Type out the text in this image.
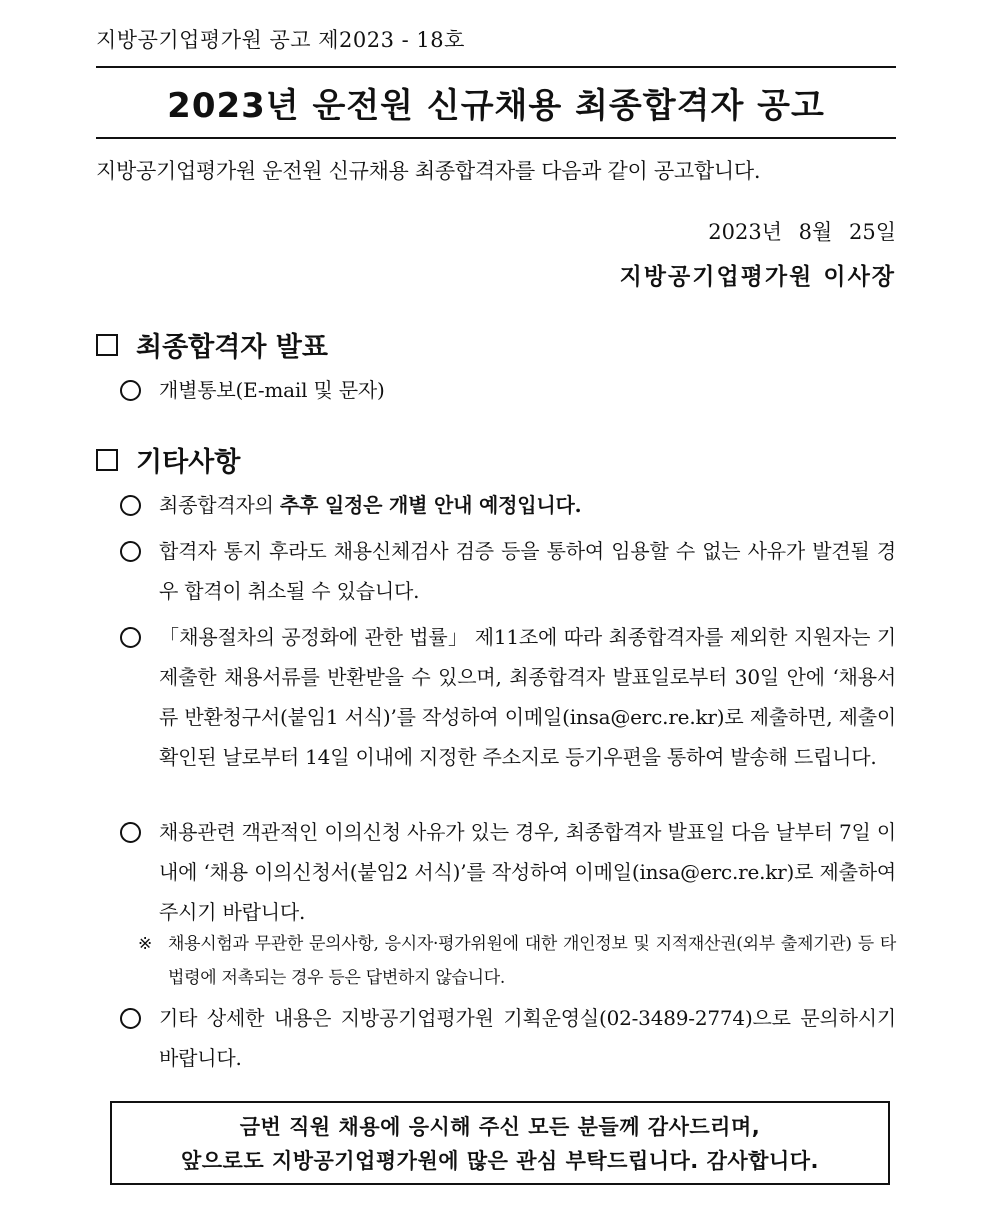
지방공기업평가원 공고 제2023 - 18호
2023년 운전원 신규채용 최종합격자 공고
지방공기업평가원 운전원 신규채용 최종합격자를 다음과 같이 공고합니다.
2023년 8월 25일
지방공기업평가원 이사장
최종합격자 발표
개별통보(E-mail 및 문자)
기타사항
최종합격자의 추후 일정은 개별 안내 예정입니다.
합격자 통지 후라도 채용신체검사 검증 등을 통하여 임용할 수 없는 사유가 발견될 경우 합격이 취소될 수 있습니다.
「채용절차의 공정화에 관한 법률」 제11조에 따라 최종합격자를 제외한 지원자는 기 제출한 채용서류를 반환받을 수 있으며, 최종합격자 발표일로부터 30일 안에 ‘채용서류 반환청구서(붙임1 서식)’를 작성하여 이메일(insa@erc.re.kr)로 제출하면, 제출이 확인된 날로부터 14일 이내에 지정한 주소지로 등기우편을 통하여 발송해 드립니다.
채용관련 객관적인 이의신청 사유가 있는 경우, 최종합격자 발표일 다음 날부터 7일 이내에 ‘채용 이의신청서(붙임2 서식)’를 작성하여 이메일(insa@erc.re.kr)로 제출하여 주시기 바랍니다.
※ 채용시험과 무관한 문의사항, 응시자·평가위원에 대한 개인정보 및 지적재산권(외부 출제기관) 등 타 법령에 저촉되는 경우 등은 답변하지 않습니다.
기타 상세한 내용은 지방공기업평가원 기획운영실(02-3489-2774)으로 문의하시기 바랍니다.
금번 직원 채용에 응시해 주신 모든 분들께 감사드리며,
앞으로도 지방공기업평가원에 많은 관심 부탁드립니다. 감사합니다.
